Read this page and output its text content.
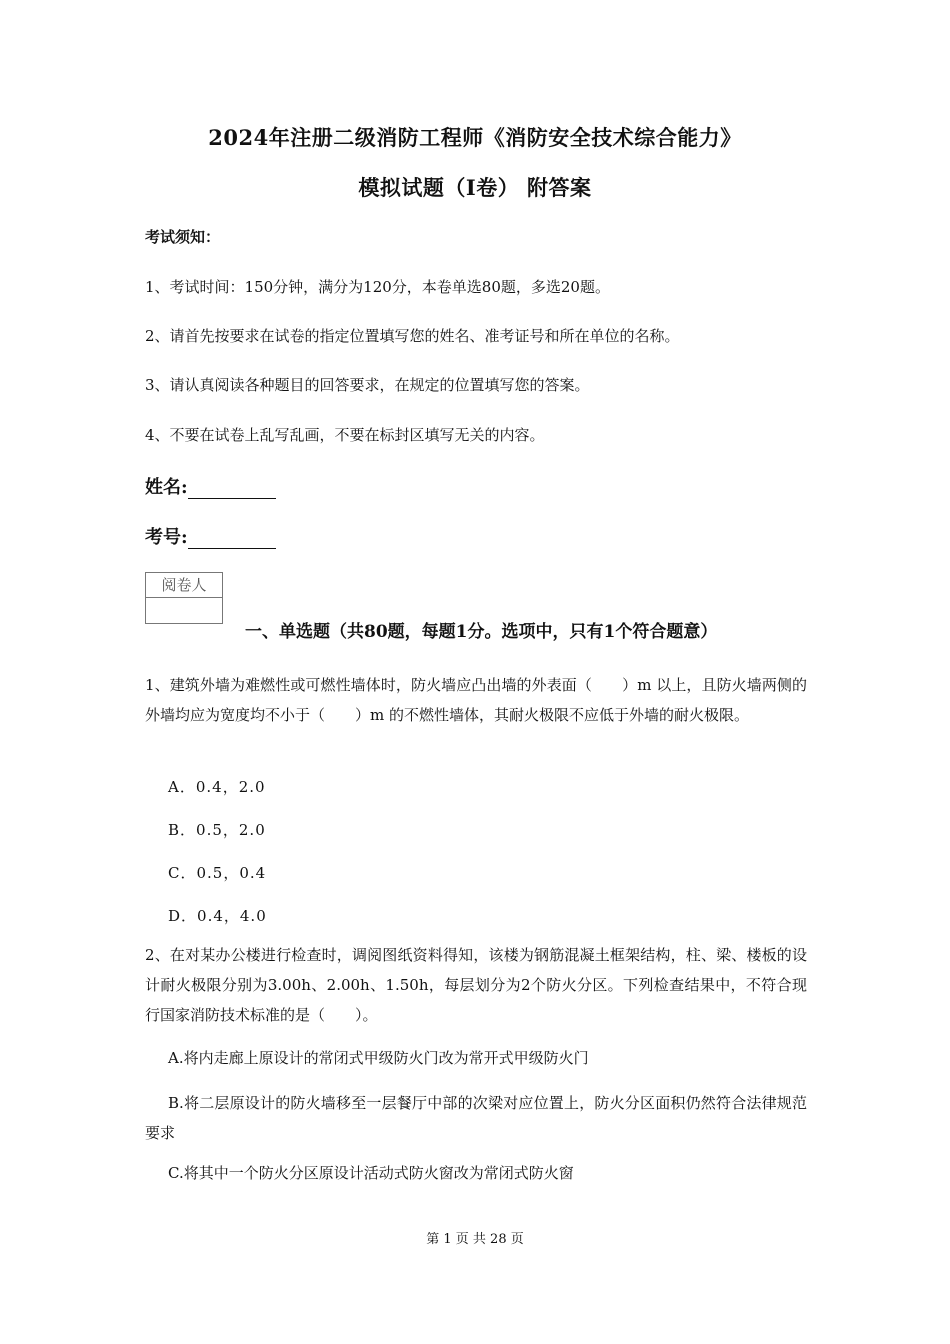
2024年注册二级消防工程师《消防安全技术综合能力》
模拟试题（I卷） 附答案
考试须知：
1、考试时间：150分钟，满分为120分，本卷单选80题，多选20题。
2、请首先按要求在试卷的指定位置填写您的姓名、准考证号和所在单位的名称。
3、请认真阅读各种题目的回答要求，在规定的位置填写您的答案。
4、不要在试卷上乱写乱画，不要在标封区填写无关的内容。
姓名:
考号:
阅卷人
一、单选题（共80题，每题1分。选项中，只有1个符合题意）
1、建筑外墙为难燃性或可燃性墙体时，防火墙应凸出墙的外表面（　　）m 以上，且防火墙两侧的外墙均应为宽度均不小于（　　）m 的不燃性墙体，其耐火极限不应低于外墙的耐火极限。
A．0.4，2.0
B．0.5，2.0
C．0.5，0.4
D．0.4，4.0
2、在对某办公楼进行检查时，调阅图纸资料得知，该楼为钢筋混凝土框架结构，柱、梁、楼板的设计耐火极限分别为3.00h、2.00h、1.50h，每层划分为2个防火分区。下列检查结果中，不符合现行国家消防技术标准的是（　　）。
A.将内走廊上原设计的常闭式甲级防火门改为常开式甲级防火门
B.将二层原设计的防火墙移至一层餐厅中部的次梁对应位置上，防火分区面积仍然符合法律规范要求
C.将其中一个防火分区原设计活动式防火窗改为常闭式防火窗
第 1 页 共 28 页
